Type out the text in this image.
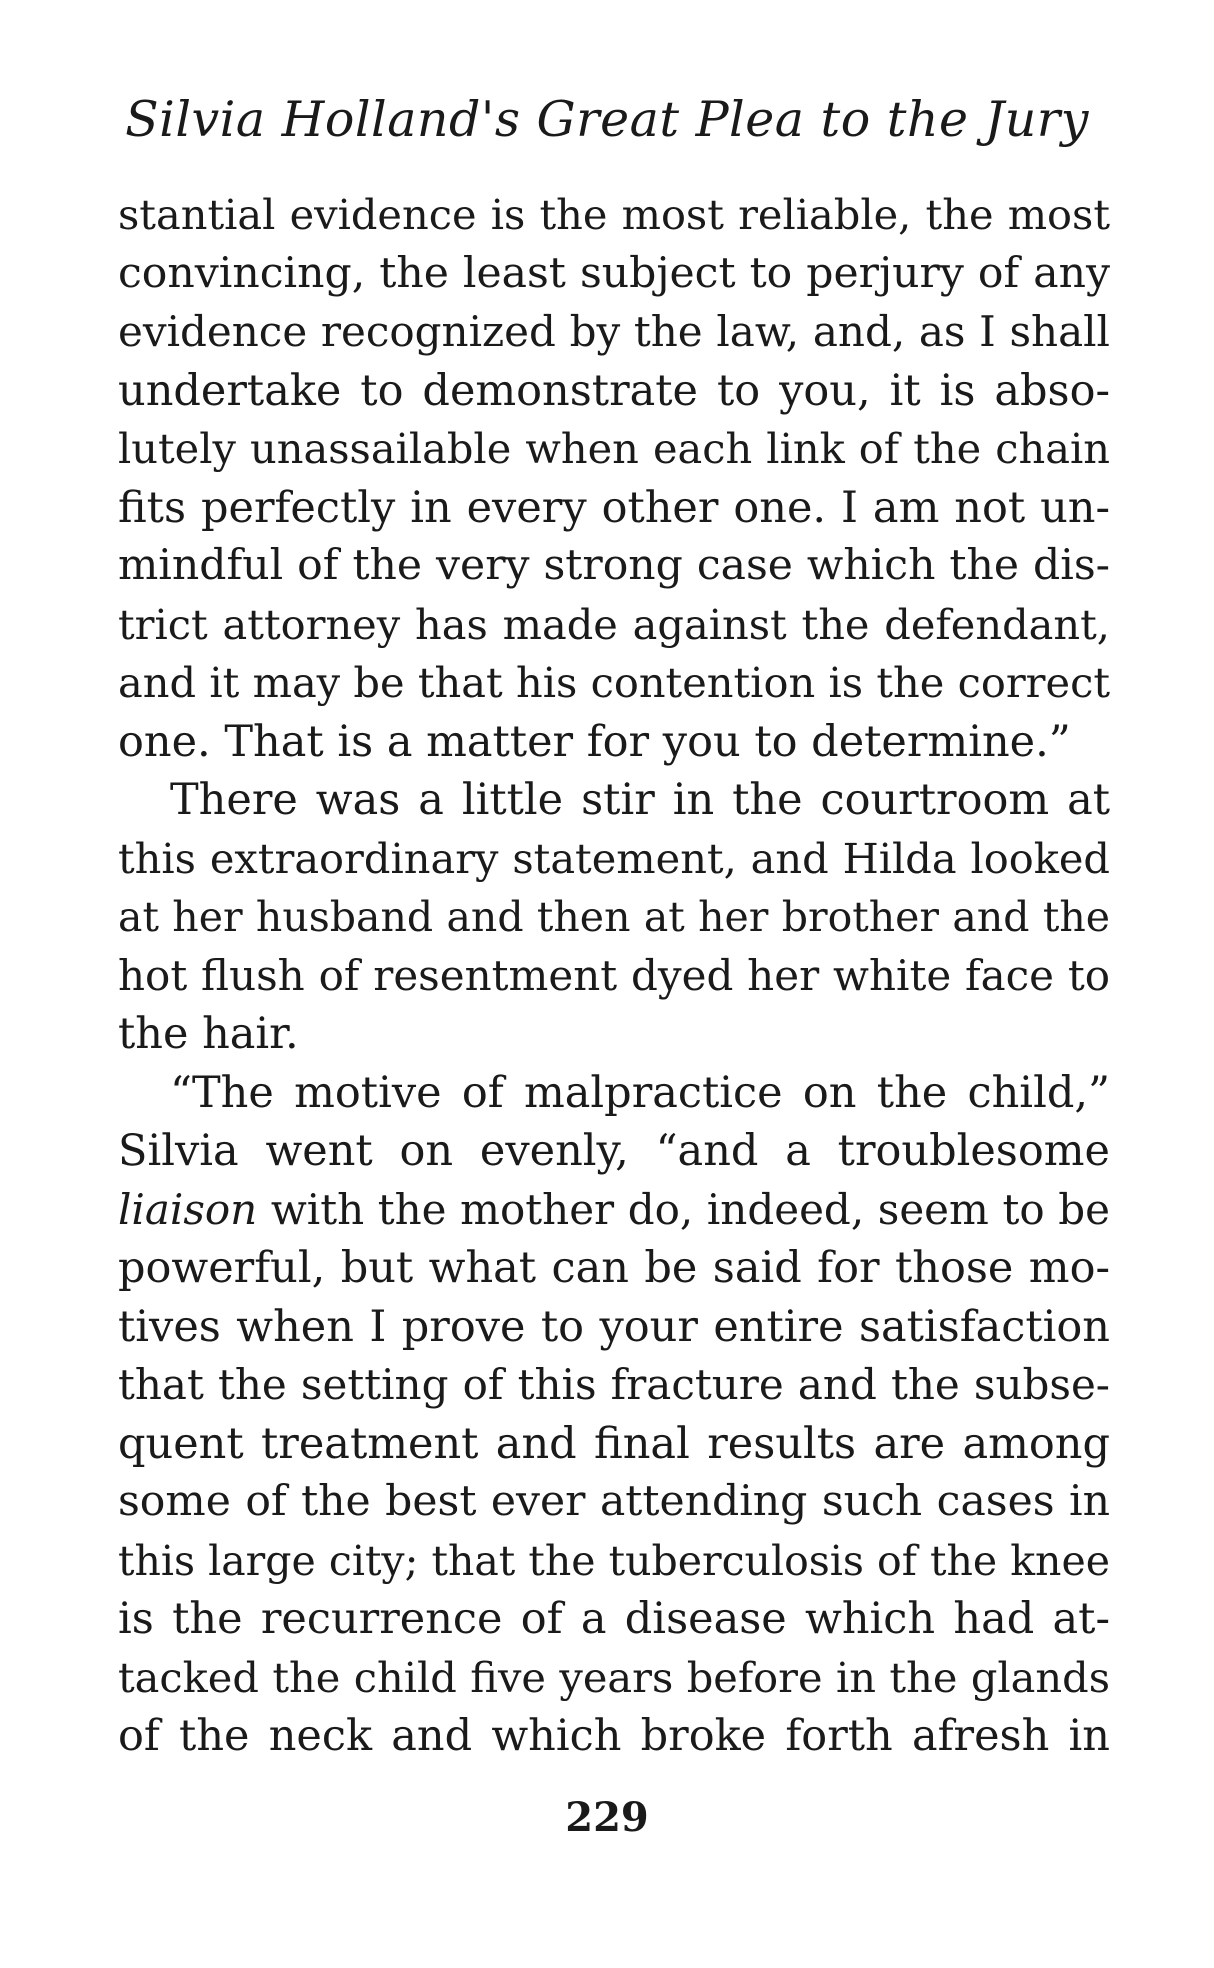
Silvia Holland's Great Plea to the Jury
stantial evidence is the most reliable, the most
convincing, the least subject to perjury of any
evidence recognized by the law, and, as I shall
undertake to demonstrate to you, it is abso-
lutely unassailable when each link of the chain
fits perfectly in every other one. I am not un-
mindful of the very strong case which the dis-
trict attorney has made against the defendant,
and it may be that his contention is the correct
one. That is a matter for you to determine.”
There was a little stir in the courtroom at
this extraordinary statement, and Hilda looked
at her husband and then at her brother and the
hot flush of resentment dyed her white face to
the hair.
“The motive of malpractice on the child,”
Silvia went on evenly, “and a troublesome
liaison with the mother do, indeed, seem to be
powerful, but what can be said for those mo-
tives when I prove to your entire satisfaction
that the setting of this fracture and the subse-
quent treatment and final results are among
some of the best ever attending such cases in
this large city; that the tuberculosis of the knee
is the recurrence of a disease which had at-
tacked the child five years before in the glands
of the neck and which broke forth afresh in
229
